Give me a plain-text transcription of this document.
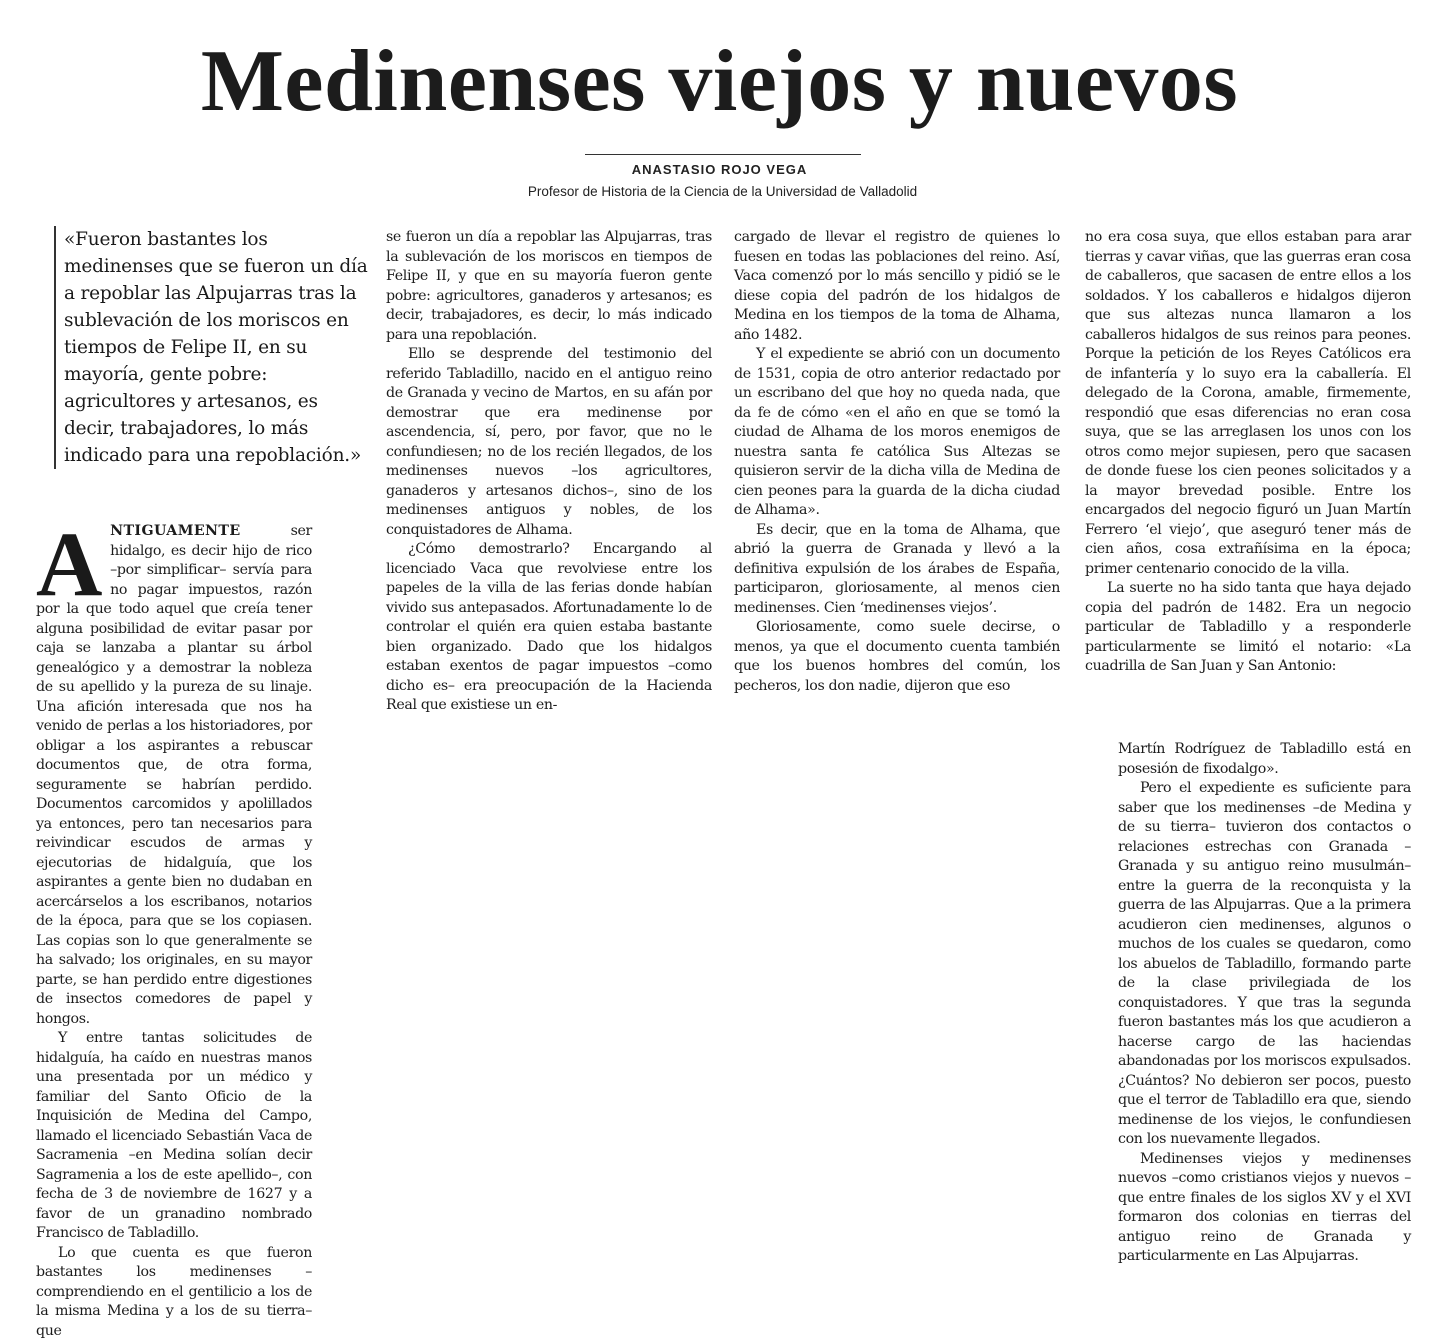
Medinenses viejos y nuevos
ANASTASIO ROJO VEGA
Profesor de Historia de la Ciencia de la Universidad de Valladolid

«Fueron bastantes los medinenses que se fueron un día a repoblar las Alpujarras tras la sublevación de los moriscos en tiempos de Felipe II, en su mayoría, gente pobre: agricultores y artesanos, es decir, trabajadores, lo más indicado para una repoblación.»

ANTIGUAMENTE ser hidalgo, es decir hijo de rico –por simplificar– servía para no pagar impuestos, razón por la que todo aquel que creía tener alguna posibilidad de evitar pasar por caja se lanzaba a plantar su árbol genealógico y a demostrar la nobleza de su apellido y la pureza de su linaje. Una afición interesada que nos ha venido de perlas a los historiadores, por obligar a los aspirantes a rebuscar documentos que, de otra forma, seguramente se habrían perdido. Documentos carcomidos y apolillados ya entonces, pero tan necesarios para reivindicar escudos de armas y ejecutorias de hidalguía, que los aspirantes a gente bien no dudaban en acercárselos a los escribanos, notarios de la época, para que se los copiasen. Las copias son lo que generalmente se ha salvado; los originales, en su mayor parte, se han perdido entre digestiones de insectos comedores de papel y hongos.

Y entre tantas solicitudes de hidalguía, ha caído en nuestras manos una presentada por un médico y familiar del Santo Oficio de la Inquisición de Medina del Campo, llamado el licenciado Sebastián Vaca de Sacramenia –en Medina solían decir Sagramenia a los de este apellido–, con fecha de 3 de noviembre de 1627 y a favor de un granadino nombrado Francisco de Tabladillo.

Lo que cuenta es que fueron bastantes los medinenses –comprendiendo en el gentilicio a los de la misma Medina y a los de su tierra– que

se fueron un día a repoblar las Alpujarras, tras la sublevación de los moriscos en tiempos de Felipe II, y que en su mayoría fueron gente pobre: agricultores, ganaderos y artesanos; es decir, trabajadores, es decir, lo más indicado para una repoblación.

Ello se desprende del testimonio del referido Tabladillo, nacido en el antiguo reino de Granada y vecino de Martos, en su afán por demostrar que era medinense por ascendencia, sí, pero, por favor, que no le confundiesen; no de los recién llegados, de los medinenses nuevos –los agricultores, ganaderos y artesanos dichos–, sino de los medinenses antiguos y nobles, de los conquistadores de Alhama.

¿Cómo demostrarlo? Encargando al licenciado Vaca que revolviese entre los papeles de la villa de las ferias donde habían vivido sus antepasados. Afortunadamente lo de controlar el quién era quien estaba bastante bien organizado. Dado que los hidalgos estaban exentos de pagar impuestos –como dicho es– era preocupación de la Hacienda Real que existiese un en-

cargado de llevar el registro de quienes lo fuesen en todas las poblaciones del reino. Así, Vaca comenzó por lo más sencillo y pidió se le diese copia del padrón de los hidalgos de Medina en los tiempos de la toma de Alhama, año 1482.

Y el expediente se abrió con un documento de 1531, copia de otro anterior redactado por un escribano del que hoy no queda nada, que da fe de cómo «en el año en que se tomó la ciudad de Alhama de los moros enemigos de nuestra santa fe católica Sus Altezas se quisieron servir de la dicha villa de Medina de cien peones para la guarda de la dicha ciudad de Alhama».

Es decir, que en la toma de Alhama, que abrió la guerra de Granada y llevó a la definitiva expulsión de los árabes de España, participaron, gloriosamente, al menos cien medinenses. Cien ‘medinenses viejos’.

Gloriosamente, como suele decirse, o menos, ya que el documento cuenta también que los buenos hombres del común, los pecheros, los don nadie, dijeron que eso

no era cosa suya, que ellos estaban para arar tierras y cavar viñas, que las guerras eran cosa de caballeros, que sacasen de entre ellos a los soldados. Y los caballeros e hidalgos dijeron que sus altezas nunca llamaron a los caballeros hidalgos de sus reinos para peones. Porque la petición de los Reyes Católicos era de infantería y lo suyo era la caballería. El delegado de la Corona, amable, firmemente, respondió que esas diferencias no eran cosa suya, que se las arreglasen los unos con los otros como mejor supiesen, pero que sacasen de donde fuese los cien peones solicitados y a la mayor brevedad posible. Entre los encargados del negocio figuró un Juan Martín Ferrero ‘el viejo’, que aseguró tener más de cien años, cosa extrañísima en la época; primer centenario conocido de la villa.

La suerte no ha sido tanta que haya dejado copia del padrón de 1482. Era un negocio particular de Tabladillo y a responderle particularmente se limitó el notario: «La cuadrilla de San Juan y San Antonio:

Martín Rodríguez de Tabladillo está en posesión de fixodalgo».

Pero el expediente es suficiente para saber que los medinenses –de Medina y de su tierra– tuvieron dos contactos o relaciones estrechas con Granada –Granada y su antiguo reino musulmán– entre la guerra de la reconquista y la guerra de las Alpujarras. Que a la primera acudieron cien medinenses, algunos o muchos de los cuales se quedaron, como los abuelos de Tabladillo, formando parte de la clase privilegiada de los conquistadores. Y que tras la segunda fueron bastantes más los que acudieron a hacerse cargo de las haciendas abandonadas por los moriscos expulsados. ¿Cuántos? No debieron ser pocos, puesto que el terror de Tabladillo era que, siendo medinense de los viejos, le confundiesen con los nuevamente llegados.

Medinenses viejos y medinenses nuevos –como cristianos viejos y nuevos –que entre finales de los siglos XV y el XVI formaron dos colonias en tierras del antiguo reino de Granada y particularmente en Las Alpujarras.
